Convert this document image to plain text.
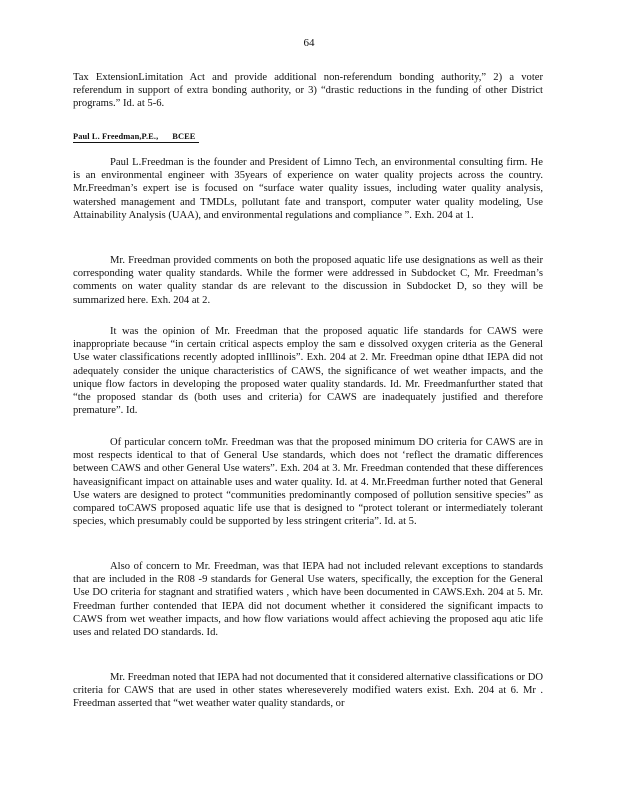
64

Tax ExtensionLimitation Act and provide additional non-referendum bonding authority,” 2) a voter referendum in support of extra bonding authority, or 3) “drastic reductions in the funding of other District programs.” Id. at 5-6.

Paul L. Freedman,P.E., BCEE

Paul L.Freedman is the founder and President of Limno Tech, an environmental consulting firm. He is an environmental engineer with 35years of experience on water quality projects across the country. Mr.Freedman’s expert ise is focused on “surface water quality issues, including water quality analysis, watershed management and TMDLs, pollutant fate and transport, computer water quality modeling, Use Attainability Analysis (UAA), and environmental regulations and compliance ”. Exh. 204 at 1.

Mr. Freedman provided comments on both the proposed aquatic life use designations as well as their corresponding water quality standards. While the former were addressed in Subdocket C, Mr. Freedman’s comments on water quality standar ds are relevant to the discussion in Subdocket D, so they will be summarized here. Exh. 204 at 2.

It was the opinion of Mr. Freedman that the proposed aquatic life standards for CAWS were inappropriate because “in certain critical aspects employ the sam e dissolved oxygen criteria as the General Use water classifications recently adopted inIllinois”. Exh. 204 at 2. Mr. Freedman opine dthat IEPA did not adequately consider the unique characteristics of CAWS, the significance of wet weather impacts, and the unique flow factors in developing the proposed water quality standards. Id. Mr. Freedmanfurther stated that “the proposed standar ds (both uses and criteria) for CAWS are inadequately justified and therefore premature”. Id.

Of particular concern toMr. Freedman was that the proposed minimum DO criteria for CAWS are in most respects identical to that of General Use standards, which does not ‘reflect the dramatic differences between CAWS and other General Use waters”. Exh. 204 at 3. Mr. Freedman contended that these differences haveasignificant impact on attainable uses and water quality. Id. at 4. Mr.Freedman further noted that General Use waters are designed to protect “communities predominantly composed of pollution sensitive species” as compared toCAWS proposed aquatic life use that is designed to “protect tolerant or intermediately tolerant species, which presumably could be supported by less stringent criteria”. Id. at 5.

Also of concern to Mr. Freedman, was that IEPA had not included relevant exceptions to standards that are included in the R08 -9 standards for General Use waters, specifically, the exception for the General Use DO criteria for stagnant and stratified waters , which have been documented in CAWS.Exh. 204 at 5. Mr. Freedman further contended that IEPA did not document whether it considered the significant impacts to CAWS from wet weather impacts, and how flow variations would affect achieving the proposed aqu atic life uses and related DO standards. Id.

Mr. Freedman noted that IEPA had not documented that it considered alternative classifications or DO criteria for CAWS that are used in other states whereseverely modified waters exist. Exh. 204 at 6. Mr . Freedman asserted that “wet weather water quality standards, or
